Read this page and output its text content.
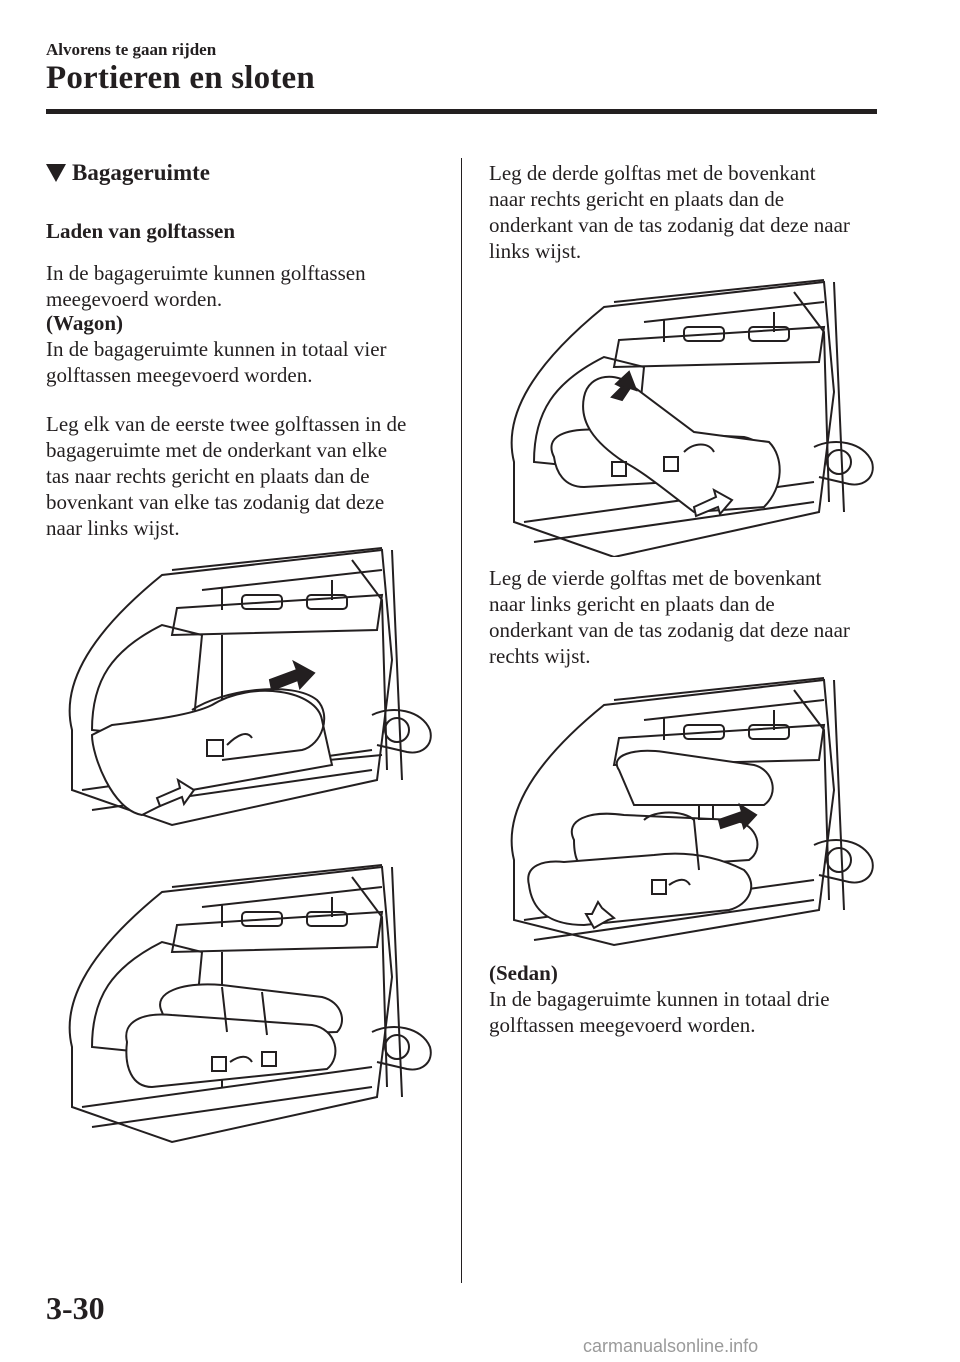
Alvorens te gaan rijden
Portieren en sloten
Bagageruimte
Laden van golftassen
In de bagageruimte kunnen golftassen
meegevoerd worden.
(Wagon)
In de bagageruimte kunnen in totaal vier
golftassen meegevoerd worden.
Leg elk van de eerste twee golftassen in de
bagageruimte met de onderkant van elke
tas naar rechts gericht en plaats dan de
bovenkant van elke tas zodanig dat deze
naar links wijst.
Leg de derde golftas met de bovenkant
naar rechts gericht en plaats dan de
onderkant van de tas zodanig dat deze naar
links wijst.
Leg de vierde golftas met de bovenkant
naar links gericht en plaats dan de
onderkant van de tas zodanig dat deze naar
rechts wijst.
(Sedan)
In de bagageruimte kunnen in totaal drie
golftassen meegevoerd worden.
3-30
carmanualsonline.info
